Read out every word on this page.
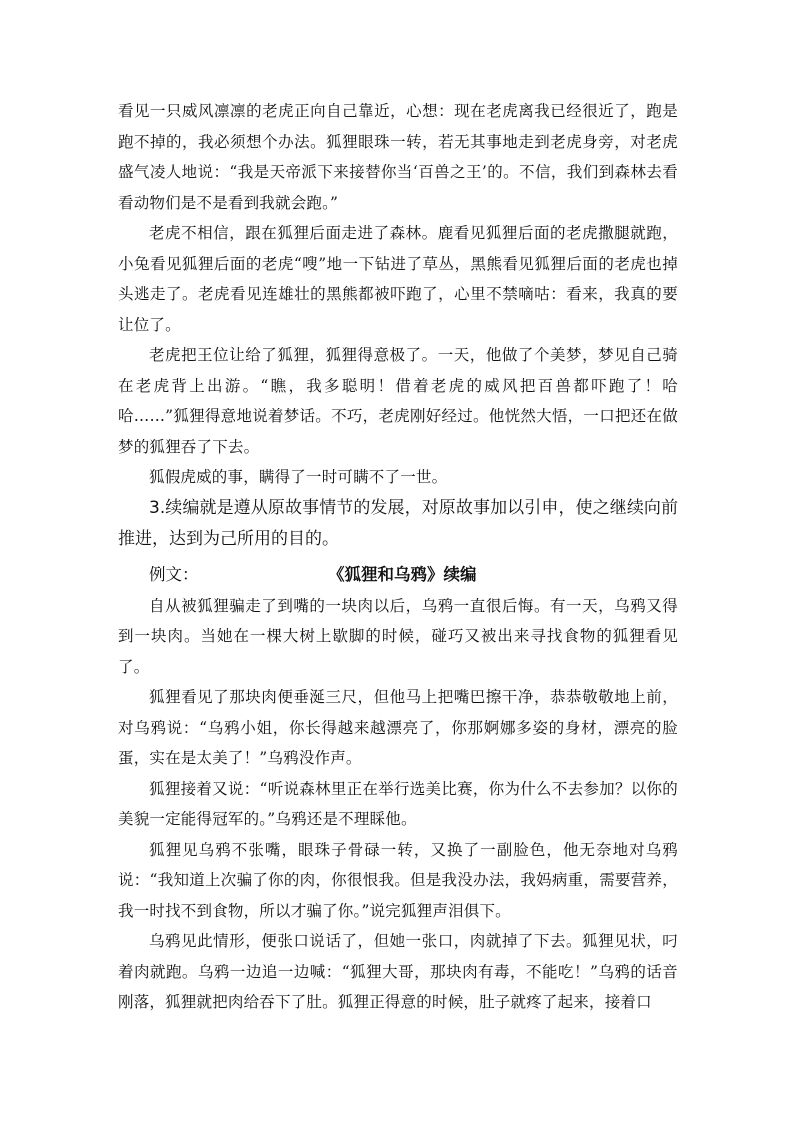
看见一只威风凛凛的老虎正向自己靠近，心想：现在老虎离我已经很近了，跑是跑不掉的，我必须想个办法。狐狸眼珠一转，若无其事地走到老虎身旁，对老虎盛气凌人地说：“我是天帝派下来接替你当‘百兽之王’的。不信，我们到森林去看看动物们是不是看到我就会跑。”

老虎不相信，跟在狐狸后面走进了森林。鹿看见狐狸后面的老虎撒腿就跑，小兔看见狐狸后面的老虎“嗖”地一下钻进了草丛，黑熊看见狐狸后面的老虎也掉头逃走了。老虎看见连雄壮的黑熊都被吓跑了，心里不禁嘀咕：看来，我真的要让位了。

老虎把王位让给了狐狸，狐狸得意极了。一天，他做了个美梦，梦见自己骑在老虎背上出游。“瞧，我多聪明！借着老虎的威风把百兽都吓跑了！哈哈……”狐狸得意地说着梦话。不巧，老虎刚好经过。他恍然大悟，一口把还在做梦的狐狸吞了下去。

狐假虎威的事，瞒得了一时可瞒不了一世。

3.续编就是遵从原故事情节的发展，对原故事加以引申，使之继续向前推进，达到为己所用的目的。

例文：	《狐狸和乌鸦》续编

自从被狐狸骗走了到嘴的一块肉以后，乌鸦一直很后悔。有一天，乌鸦又得到一块肉。当她在一棵大树上歇脚的时候，碰巧又被出来寻找食物的狐狸看见了。

狐狸看见了那块肉便垂涎三尺，但他马上把嘴巴擦干净，恭恭敬敬地上前，对乌鸦说：“乌鸦小姐，你长得越来越漂亮了，你那婀娜多姿的身材，漂亮的脸蛋，实在是太美了！”乌鸦没作声。

狐狸接着又说：“听说森林里正在举行选美比赛，你为什么不去参加？以你的美貌一定能得冠军的。”乌鸦还是不理睬他。

狐狸见乌鸦不张嘴，眼珠子骨碌一转，又换了一副脸色，他无奈地对乌鸦说：“我知道上次骗了你的肉，你很恨我。但是我没办法，我妈病重，需要营养，我一时找不到食物，所以才骗了你。”说完狐狸声泪俱下。

乌鸦见此情形，便张口说话了，但她一张口，肉就掉了下去。狐狸见状，叼着肉就跑。乌鸦一边追一边喊：“狐狸大哥，那块肉有毒，不能吃！”乌鸦的话音刚落，狐狸就把肉给吞下了肚。狐狸正得意的时候，肚子就疼了起来，接着口
